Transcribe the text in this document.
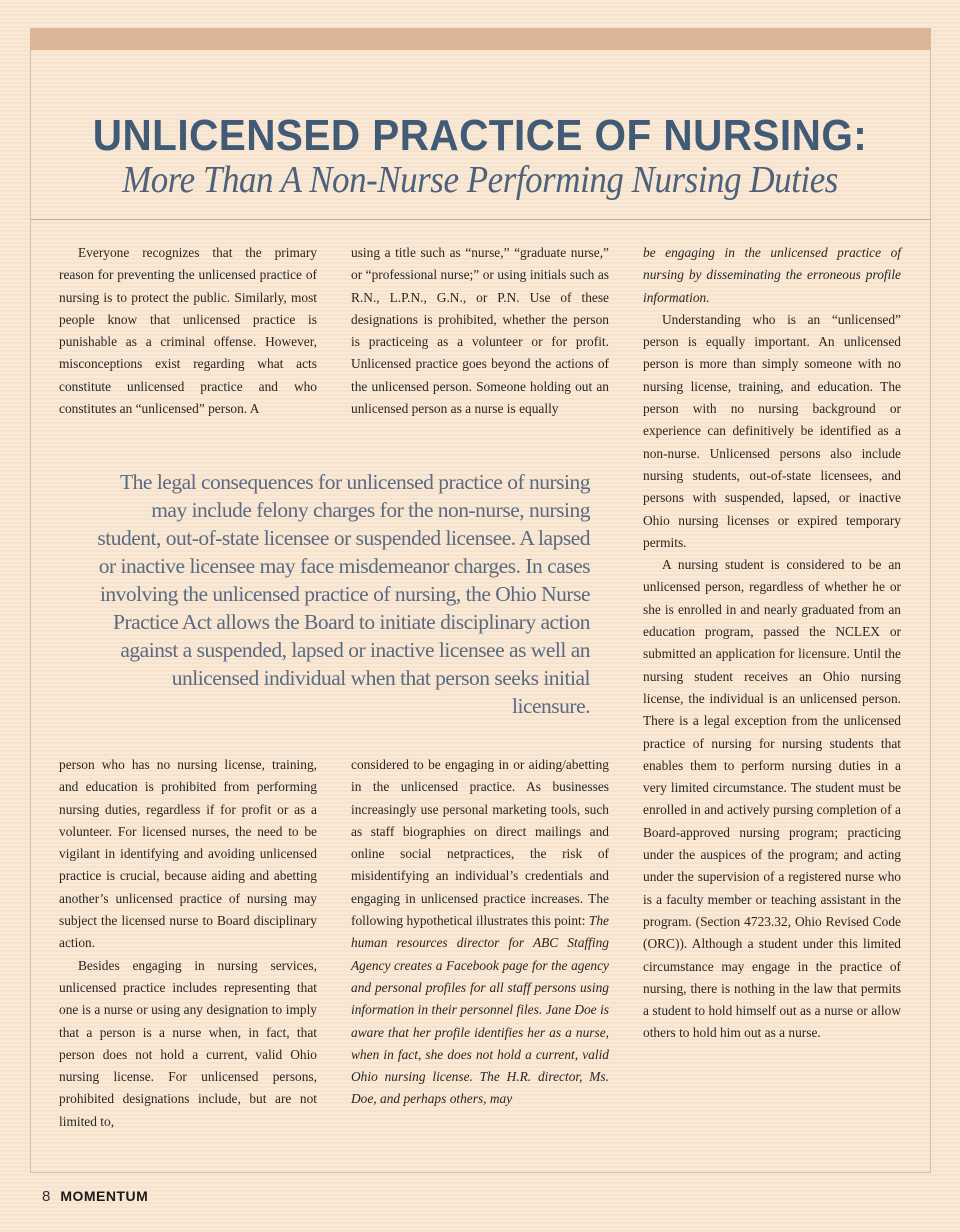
UNLICENSED PRACTICE OF NURSING:
More Than A Non-Nurse Performing Nursing Duties

Everyone recognizes that the primary reason for preventing the unlicensed practice of nursing is to protect the public. Similarly, most people know that unlicensed practice is punishable as a criminal offense. However, misconceptions exist regarding what acts constitute unlicensed practice and who constitutes an “unlicensed” person. A

using a title such as “nurse,” “graduate nurse,” or “professional nurse;” or using initials such as R.N., L.P.N., G.N., or P.N. Use of these designations is prohibited, whether the person is practiceing as a volunteer or for profit. Unlicensed practice goes beyond the actions of the unlicensed person. Someone holding out an unlicensed person as a nurse is equally

The legal consequences for unlicensed practice of nursing may include felony charges for the non-nurse, nursing student, out-of-state licensee or suspended licensee. A lapsed or inactive licensee may face misdemeanor charges. In cases involving the unlicensed practice of nursing, the Ohio Nurse Practice Act allows the Board to initiate disciplinary action against a suspended, lapsed or inactive licensee as well an unlicensed individual when that person seeks initial licensure.

person who has no nursing license, training, and education is prohibited from performing nursing duties, regardless if for profit or as a volunteer. For licensed nurses, the need to be vigilant in identifying and avoiding unlicensed practice is crucial, because aiding and abetting another’s unlicensed practice of nursing may subject the licensed nurse to Board disciplinary action.

Besides engaging in nursing services, unlicensed practice includes representing that one is a nurse or using any designation to imply that a person is a nurse when, in fact, that person does not hold a current, valid Ohio nursing license. For unlicensed persons, prohibited designations include, but are not limited to,

considered to be engaging in or aiding/abetting in the unlicensed practice. As businesses increasingly use personal marketing tools, such as staff biographies on direct mailings and online social netpractices, the risk of misidentifying an individual’s credentials and engaging in unlicensed practice increases. The following hypothetical illustrates this point: The human resources director for ABC Staffing Agency creates a Facebook page for the agency and personal profiles for all staff persons using information in their personnel files. Jane Doe is aware that her profile identifies her as a nurse, when in fact, she does not hold a current, valid Ohio nursing license. The H.R. director, Ms. Doe, and perhaps others, may

be engaging in the unlicensed practice of nursing by disseminating the erroneous profile information.

Understanding who is an “unlicensed” person is equally important. An unlicensed person is more than simply someone with no nursing license, training, and education. The person with no nursing background or experience can definitively be identified as a non-nurse. Unlicensed persons also include nursing students, out-of-state licensees, and persons with suspended, lapsed, or inactive Ohio nursing licenses or expired temporary permits.

A nursing student is considered to be an unlicensed person, regardless of whether he or she is enrolled in and nearly graduated from an education program, passed the NCLEX or submitted an application for licensure. Until the nursing student receives an Ohio nursing license, the individual is an unlicensed person. There is a legal exception from the unlicensed practice of nursing for nursing students that enables them to perform nursing duties in a very limited circumstance. The student must be enrolled in and actively pursing completion of a Board-approved nursing program; practicing under the auspices of the program; and acting under the supervision of a registered nurse who is a faculty member or teaching assistant in the program. (Section 4723.32, Ohio Revised Code (ORC)). Although a student under this limited circumstance may engage in the practice of nursing, there is nothing in the law that permits a student to hold himself out as a nurse or allow others to hold him out as a nurse.

8 MOMENTUM
